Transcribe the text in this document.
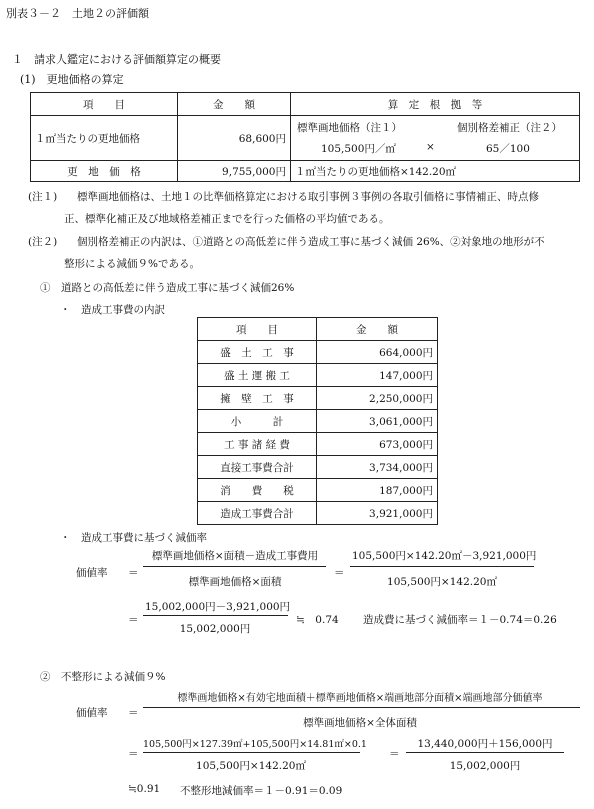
別表３－２　土地２の評価額
１　請求人鑑定における評価額算定の概要
(1)　更地価格の算定
項　　目	金　　額	算　定　根　拠　等
１㎡当たりの更地価格	68,600円	標準画地価格（注１） 個別格差補正（注２）
105,500円／㎡ × 65／100

更　地　価　格	9,755,000円	１㎡当たりの更地価格×142.20㎡
(注１) 標準画地価格は、土地１の比準価格算定における取引事例３事例の各取引価格に事情補正、時点修
正、標準化補正及び地域格差補正までを行った価格の平均値である。
(注２) 個別格差補正の内訳は、①道路との高低差に伴う造成工事に基づく減価 26%、②対象地の地形が不
整形による減価９%である。
①　道路との高低差に伴う造成工事に基づく減価26%
・　造成工事費の内訳
項　　目	金　　額
盛　土　工　事	664,000円
盛 土 運 搬 工	147,000円
擁　壁　工　事	2,250,000円
小　　　計	3,061,000円
工 事 諸 経 費	673,000円
直接工事費合計	3,734,000円
消　　費　　税	187,000円
造成工事費合計	3,921,000円
・　造成工事費に基づく減価率
価値率 ＝
標準画地価格×面積－造成工事費用
標準画地価格×面積
＝
105,500円×142.20㎡－3,921,000円
105,500円×142.20㎡
＝
15,002,000円－3,921,000円
15,002,000円
≒　0.74 造成費に基づく減価率＝１－0.74＝0.26
②　不整形による減価９%
価値率 ＝
標準画地価格×有効宅地面積＋標準画地価格×端画地部分面積×端画地部分価値率
標準画地価格×全体面積
＝
105,500円×127.39㎡+105,500円×14.81㎡×0.1
105,500円×142.20㎡
＝
13,440,000円＋156,000円
15,002,000円
≒0.91 不整形地減価率＝１－0.91＝0.09
